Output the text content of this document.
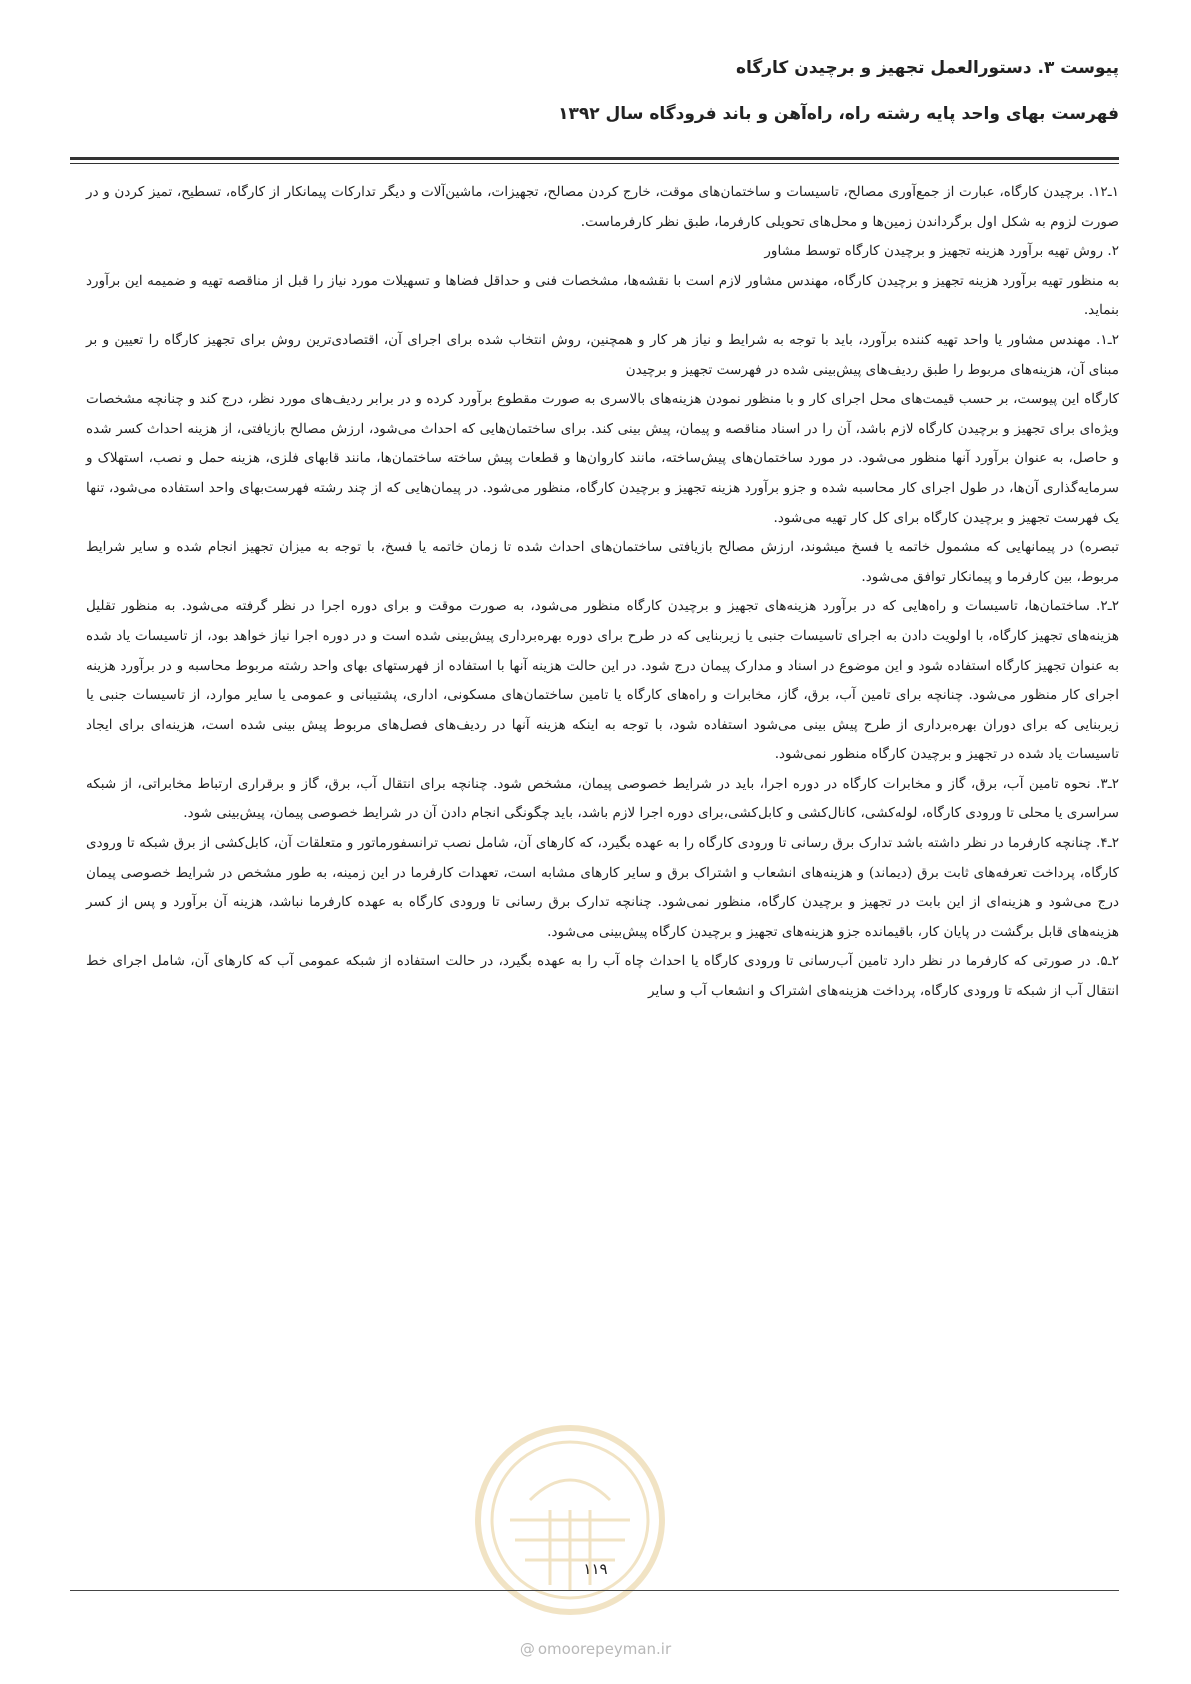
پیوست ۳. دستورالعمل تجهیز و برچیدن کارگاه
فهرست بهای واحد پایه رشته راه، راه‌آهن و باند فرودگاه سال ۱۳۹۲

۱ـ۱۲. برچیدن کارگاه، عبارت از جمع‌آوری مصالح، تاسیسات و ساختمان‌های موقت، خارج کردن مصالح، تجهیزات، ماشین‌آلات و دیگر تدارکات پیمانکار از کارگاه، تسطیح، تمیز کردن و در صورت لزوم به شکل اول برگرداندن زمین‌ها و محل‌های تحویلی کارفرما، طبق نظر کارفرماست.

۲. روش تهیه برآورد هزینه تجهیز و برچیدن کارگاه توسط مشاور

به منظور تهیه برآورد هزینه تجهیز و برچیدن کارگاه، مهندس مشاور لازم است با نقشه‌ها، مشخصات فنی و حداقل فضاها و تسهیلات مورد نیاز را قبل از مناقصه تهیه و ضمیمه این برآورد بنماید.

۲ـ۱. مهندس مشاور یا واحد تهیه کننده برآورد، باید با توجه به شرایط و نیاز هر کار و همچنین، روش انتخاب شده برای اجرای آن، اقتصادی‌ترین روش برای تجهیز کارگاه را تعیین و بر مبنای آن، هزینه‌های مربوط را طبق ردیف‌های پیش‌بینی شده در فهرست تجهیز و برچیدن

کارگاه این پیوست، بر حسب قیمت‌های محل اجرای کار و با منظور نمودن هزینه‌های بالاسری به صورت مقطوع برآورد کرده و در برابر ردیف‌های مورد نظر، درج کند و چنانچه مشخصات ویژه‌ای برای تجهیز و برچیدن کارگاه لازم باشد، آن را در اسناد مناقصه و پیمان، پیش بینی کند. برای ساختمان‌هایی که احداث می‌شود، ارزش مصالح بازیافتی، از هزینه احداث کسر شده و حاصل، به عنوان برآورد آنها منظور می‌شود. در مورد ساختمان‌های پیش‌ساخته، مانند کاروان‌ها و قطعات پیش ساخته ساختمان‌ها، مانند قابهای فلزی، هزینه حمل و نصب، استهلاک و سرمایه‌گذاری آن‌ها، در طول اجرای کار محاسبه شده و جزو برآورد هزینه تجهیز و برچیدن کارگاه، منظور می‌شود. در پیمان‌هایی که از چند رشته فهرست‌بهای واحد استفاده می‌شود، تنها یک فهرست تجهیز و برچیدن کارگاه برای کل کار تهیه می‌شود.

تبصره) در پیمانهایی که مشمول خاتمه یا فسخ میشوند، ارزش مصالح بازیافتی ساختمان‌های احداث شده تا زمان خاتمه یا فسخ، با توجه به میزان تجهیز انجام شده و سایر شرایط مربوط، بین کارفرما و پیمانکار توافق می‌شود.

۲ـ۲. ساختمان‌ها، تاسیسات و راه‌هایی که در برآورد هزینه‌های تجهیز و برچیدن کارگاه منظور می‌شود، به صورت موقت و برای دوره اجرا در نظر گرفته می‌شود. به منظور تقلیل هزینه‌های تجهیز کارگاه، با اولویت دادن به اجرای تاسیسات جنبی یا زیربنایی که در طرح برای دوره بهره‌برداری پیش‌بینی شده است و در دوره اجرا نیاز خواهد بود، از تاسیسات یاد شده به عنوان تجهیز کارگاه استفاده شود و این موضوع در اسناد و مدارک پیمان درج شود. در این حالت هزینه آنها با استفاده از فهرستهای بهای واحد رشته مربوط محاسبه و در برآورد هزینه اجرای کار منظور می‌شود. چنانچه برای تامین آب، برق، گاز، مخابرات و راه‌های کارگاه یا تامین ساختمان‌های مسکونی، اداری، پشتیبانی و عمومی یا سایر موارد، از تاسیسات جنبی یا زیربنایی که برای دوران بهره‌برداری از طرح پیش بینی می‌شود استفاده شود، با توجه به اینکه هزینه آنها در ردیف‌های فصل‌های مربوط پیش بینی شده است، هزینه‌ای برای ایجاد تاسیسات یاد شده در تجهیز و برچیدن کارگاه منظور نمی‌شود.

۲ـ۳. نحوه تامین آب، برق، گاز و مخابرات کارگاه در دوره اجرا، باید در شرایط خصوصی پیمان، مشخص شود. چنانچه برای انتقال آب، برق، گاز و برقراری ارتباط مخابراتی، از شبکه سراسری یا محلی تا ورودی کارگاه، لوله‌کشی، کانال‌کشی و کابل‌کشی،برای دوره اجرا لازم باشد، باید چگونگی انجام دادن آن در شرایط خصوصی پیمان، پیش‌بینی شود.

۲ـ۴. چنانچه کارفرما در نظر داشته باشد تدارک برق رسانی تا ورودی کارگاه را به عهده بگیرد، که کارهای آن، شامل نصب ترانسفورماتور و متعلقات آن، کابل‌کشی از برق شبکه تا ورودی کارگاه، پرداخت تعرفه‌های ثابت برق (دیماند) و هزینه‌های انشعاب و اشتراک برق و سایر کارهای مشابه است، تعهدات کارفرما در این زمینه، به طور مشخص در شرایط خصوصی پیمان درج می‌شود و هزینه‌ای از این بابت در تجهیز و برچیدن کارگاه، منظور نمی‌شود. چنانچه تدارک برق رسانی تا ورودی کارگاه به عهده کارفرما نباشد، هزینه آن برآورد و پس از کسر هزینه‌های قابل برگشت در پایان کار، باقیمانده جزو هزینه‌های تجهیز و برچیدن کارگاه پیش‌بینی می‌شود.

۲ـ۵. در صورتی که کارفرما در نظر دارد تامین آب‌رسانی تا ورودی کارگاه یا احداث چاه آب را به عهده بگیرد، در حالت استفاده از شبکه عمومی آب که کارهای آن، شامل اجرای خط انتقال آب از شبکه تا ورودی کارگاه، پرداخت هزینه‌های اشتراک و انشعاب آب و سایر

۱۱۹
@ omoorepeyman.ir
